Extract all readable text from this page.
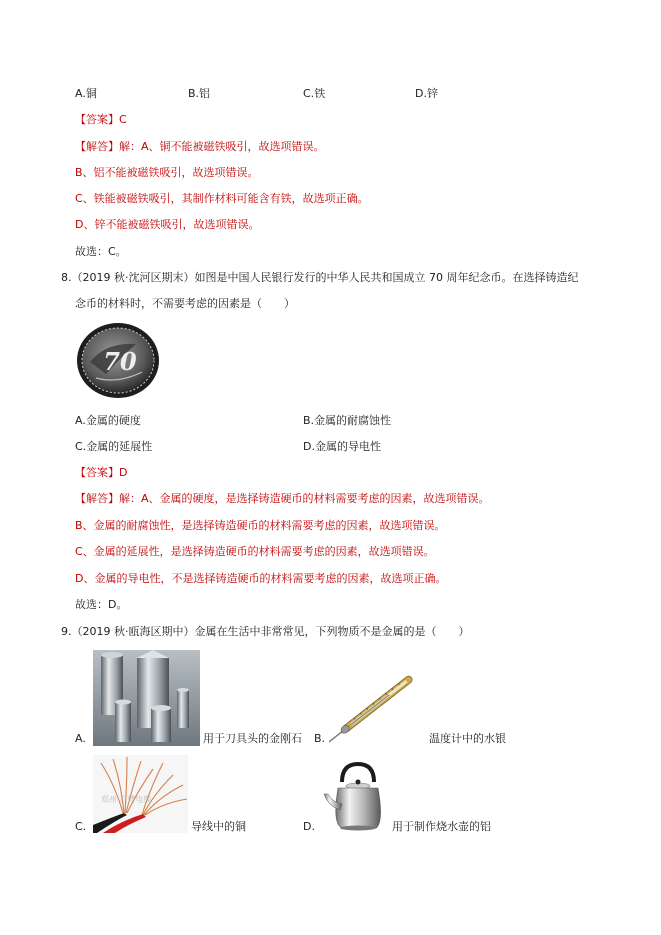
A.铜	B.铝	C.铁	D.锌
【答案】C
【解答】解：A、铜不能被磁铁吸引，故选项错误。
B、铝不能被磁铁吸引，故选项错误。
C、铁能被磁铁吸引，其制作材料可能含有铁，故选项正确。
D、锌不能被磁铁吸引，故选项错误。
故选：C。
8.（2019 秋·沈河区期末）如图是中国人民银行发行的中华人民共和国成立 70 周年纪念币。在选择铸造纪
念币的材料时，不需要考虑的因素是（　　）
70
A.金属的硬度	B.金属的耐腐蚀性
C.金属的延展性	D.金属的导电性
【答案】D
【解答】解：A、金属的硬度，是选择铸造硬币的材料需要考虑的因素，故选项错误。
B、金属的耐腐蚀性，是选择铸造硬币的材料需要考虑的因素，故选项错误。
C、金属的延展性，是选择铸造硬币的材料需要考虑的因素，故选项错误。
D、金属的导电性，不是选择铸造硬币的材料需要考虑的因素，故选项正确。
故选：D。
9.（2019 秋·瓯海区期中）金属在生活中非常常见，下列物质不是金属的是（　　）
A.	用于刀具头的金刚石 B.	温度计中的水银
郑州·石博电缆
C.	导线中的铜	D.	用于制作烧水壶的铝
